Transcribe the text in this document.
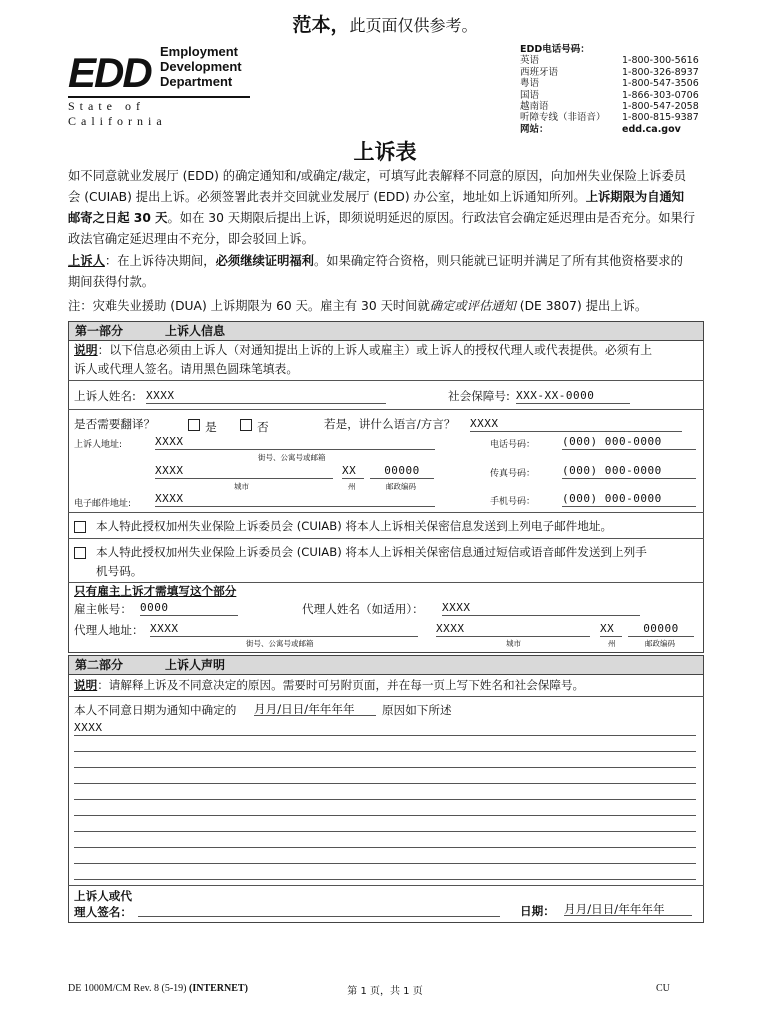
范本，此页面仅供参考。
EDD Employment
Development
Department
State of California
EDD电话号码：
英语	1-800-300-5616
西班牙语	1-800-326-8937
粤语	1-800-547-3506
国语	1-866-303-0706
越南语	1-800-547-2058
听障专线（非语音） 1-800-815-9387
网站：	edd.ca.gov
上诉表
如不同意就业发展厅 (EDD) 的确定通知和/或确定/裁定，可填写此表解释不同意的原因，向加州失业保险上诉委员
会 (CUIAB) 提出上诉。必须签署此表并交回就业发展厅 (EDD) 办公室，地址如上诉通知所列。上诉期限为自通知
邮寄之日起 30 天。如在 30 天期限后提出上诉，即须说明延迟的原因。行政法官会确定延迟理由是否充分。如果行
政法官确定延迟理由不充分，即会驳回上诉。
上诉人：在上诉待决期间，必须继续证明福利。如果确定符合资格，则只能就已证明并满足了所有其他资格要求的
期间获得付款。
注：灾难失业援助 (DUA) 上诉期限为 60 天。雇主有 30 天时间就确定或评估通知 (DE 3807) 提出上诉。
第一部分	上诉人信息
说明：以下信息必须由上诉人（对通知提出上诉的上诉人或雇主）或上诉人的授权代理人或代表提供。必须有上
诉人或代理人签名。请用黑色圆珠笔填表。
上诉人姓名: XXXX	社会保障号: XXX-XX-0000
是否需要翻译？	是	否	若是，讲什么语言/方言？ XXXX
上诉人地址:	XXXX
街号、公寓号或邮箱
电话号码： (000) 000-0000
XXXX	XX	00000
城市	州	邮政编码
传真号码： (000) 000-0000
电子邮件地址: XXXX	手机号码： (000) 000-0000
本人特此授权加州失业保险上诉委员会 (CUIAB) 将本人上诉相关保密信息发送到上列电子邮件地址。
本人特此授权加州失业保险上诉委员会 (CUIAB) 将本人上诉相关保密信息通过短信或语音邮件发送到上列手
机号码。
只有雇主上诉才需填写这个部分
雇主帐号： 0000	代理人姓名（如适用）： XXXX
代理人地址： XXXX
街号、公寓号或邮箱
XXXX
城市
XX
州
00000
邮政编码
第二部分	上诉人声明
说明：请解释上诉及不同意决定的原因。需要时可另附页面，并在每一页上写下姓名和社会保障号。
本人不同意日期为通知中确定的 月月/日日/年年年年	原因如下所述
XXXX
上诉人或代
理人签名：	日期： 月月/日日/年年年年
DE 1000M/CM Rev. 8 (5-19) (INTERNET)	第 1 页，共 1 页	CU
